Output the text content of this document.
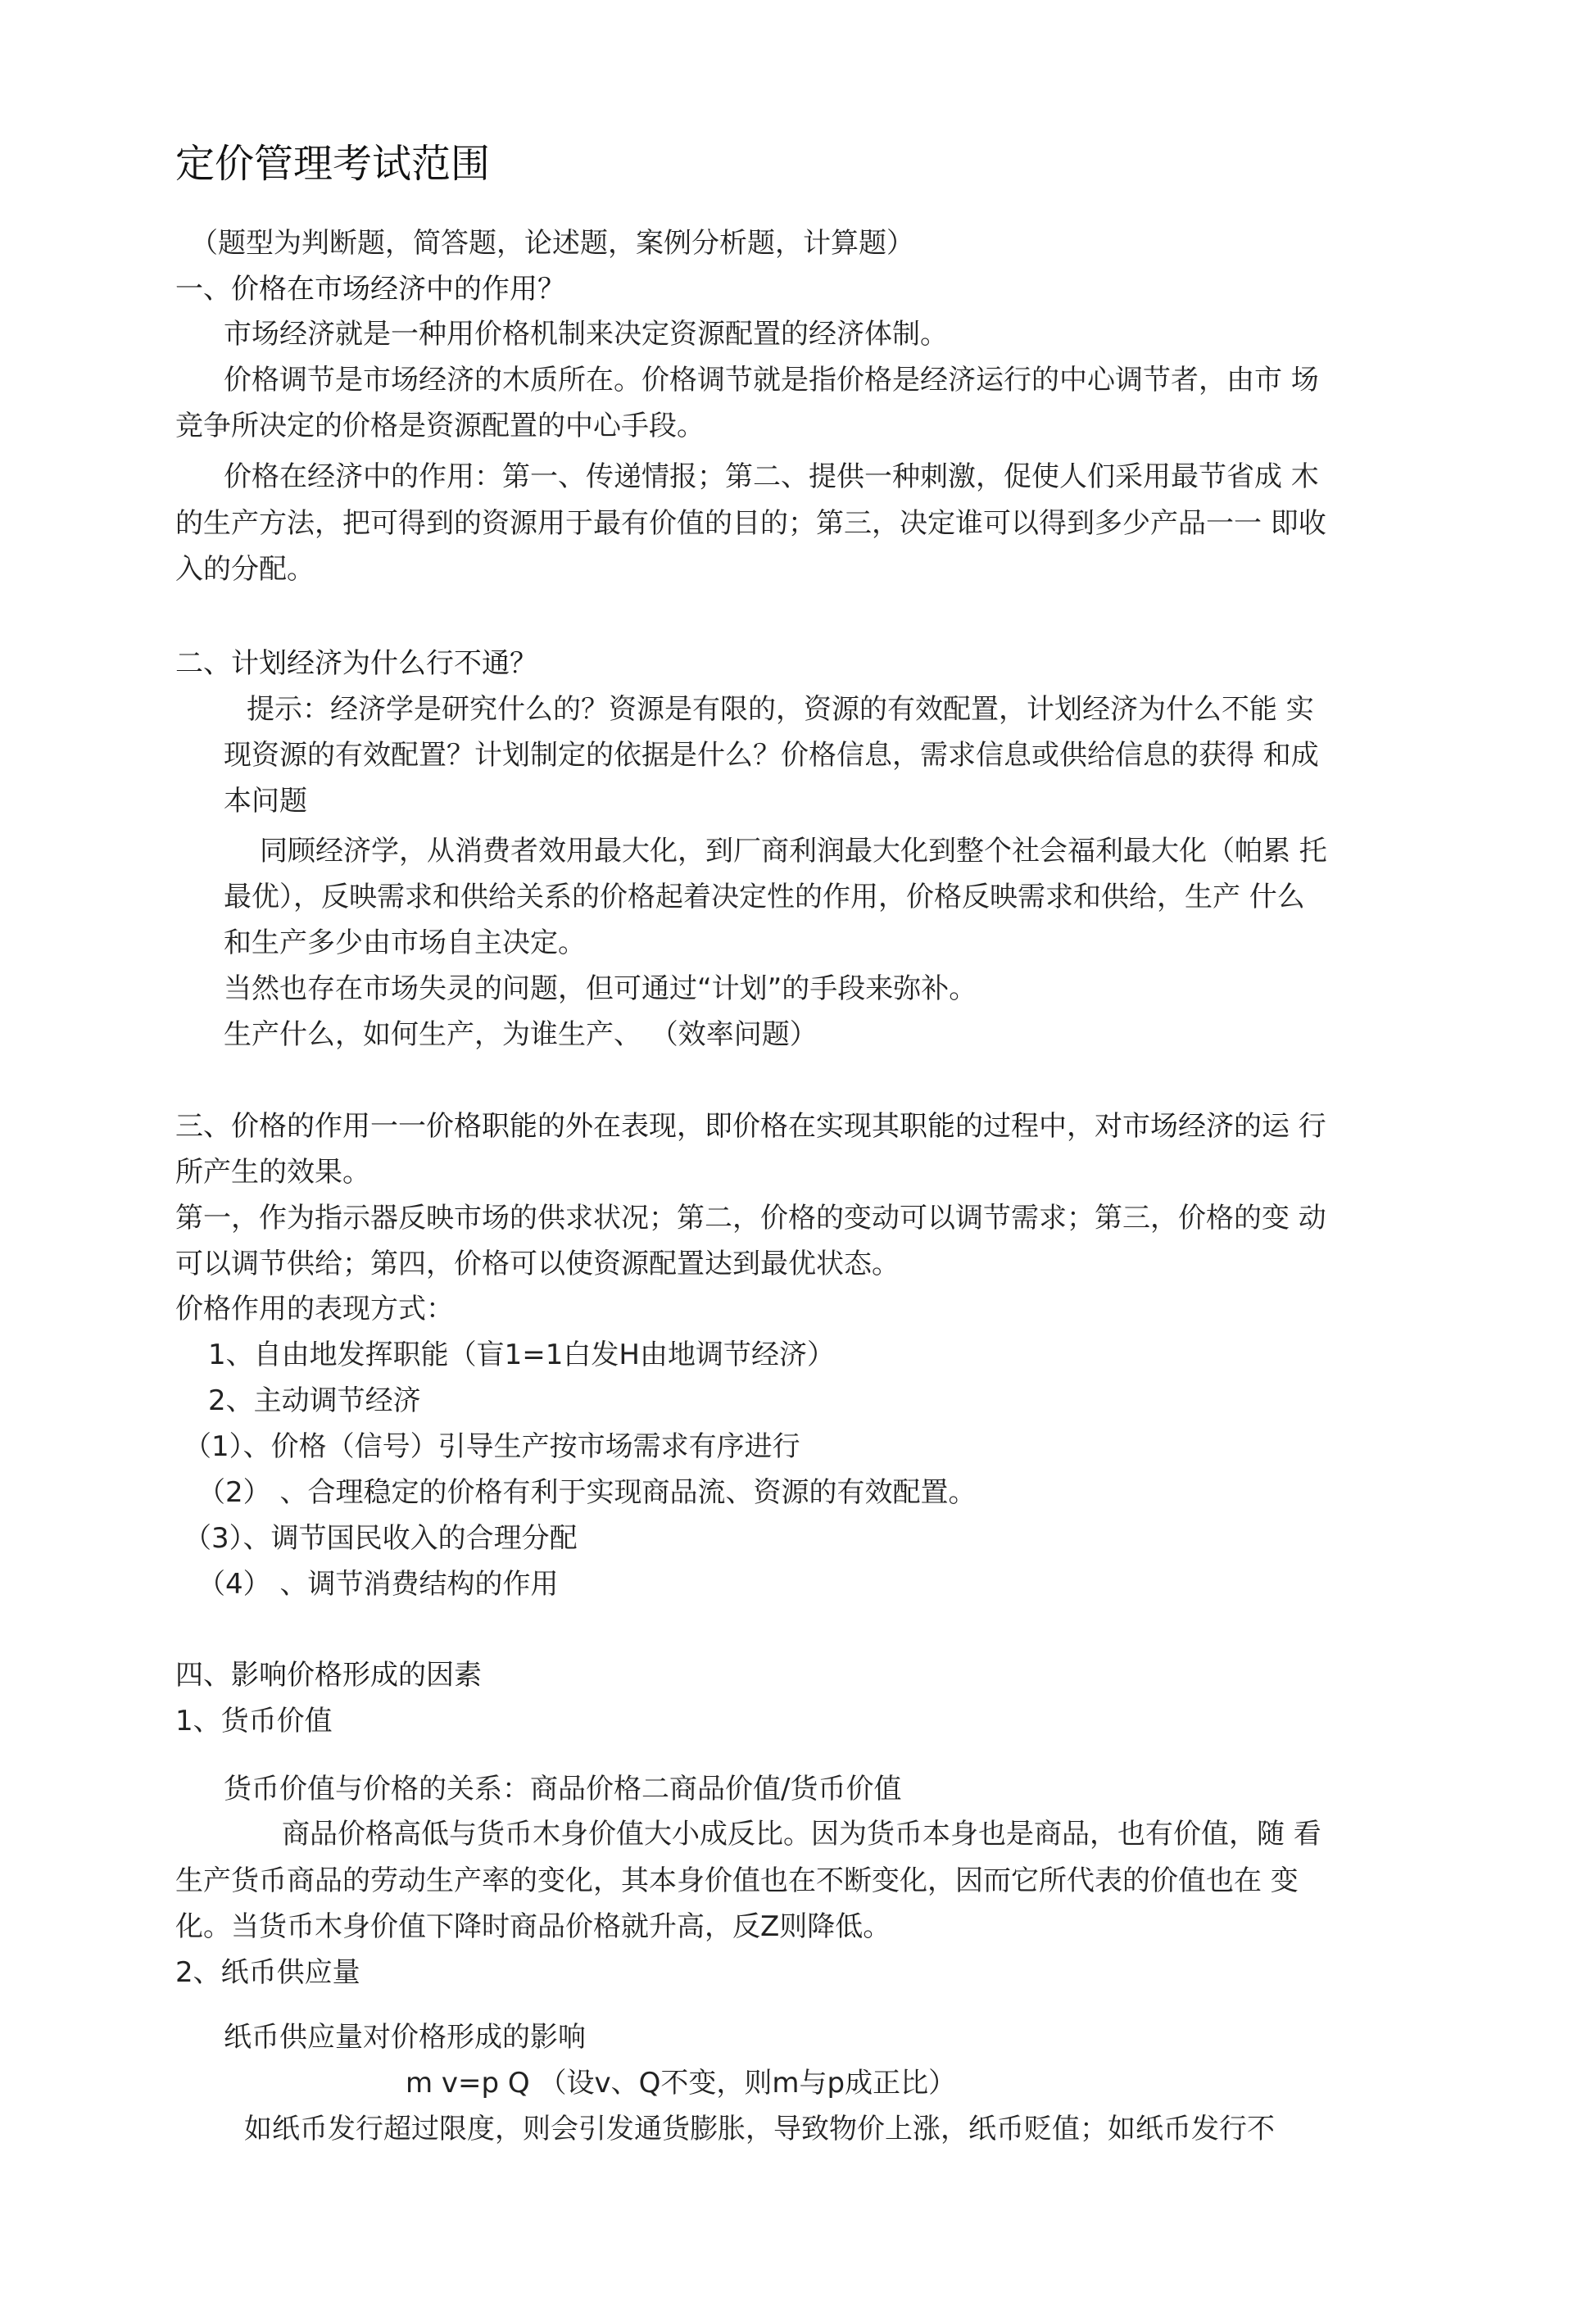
定价管理考试范围
（题型为判断题，简答题，论述题，案例分析题，计算题）
一、价格在市场经济中的作用？
市场经济就是一种用价格机制来决定资源配置的经济体制。
价格调节是市场经济的木质所在。价格调节就是指价格是经济运行的中心调节者，由市 场
竞争所决定的价格是资源配置的中心手段。
价格在经济中的作用：第一、传递情报；第二、提供一种刺激，促使人们采用最节省成 木
的生产方法，把可得到的资源用于最有价值的目的；第三，决定谁可以得到多少产品一一 即收
入的分配。
二、计划经济为什么行不通？
提示：经济学是研究什么的？资源是有限的，资源的有效配置，计划经济为什么不能 实
现资源的有效配置？计划制定的依据是什么？价格信息，需求信息或供给信息的获得 和成
本问题
同顾经济学，从消费者效用最大化，到厂商利润最大化到整个社会福利最大化（帕累 托
最优），反映需求和供给关系的价格起着决定性的作用，价格反映需求和供给，生产 什么
和生产多少由市场自主决定。
当然也存在市场失灵的问题，但可通过“计划”的手段来弥补。
生产什么，如何生产，为谁生产、 （效率问题）
三、价格的作用一一价格职能的外在表现，即价格在实现其职能的过程中，对市场经济的运 行
所产生的效果。
第一，作为指示器反映市场的供求状况；第二，价格的变动可以调节需求；第三，价格的变 动
可以调节供给；第四，价格可以使资源配置达到最优状态。
价格作用的表现方式：
1、自由地发挥职能（盲1=1白发H由地调节经济）
2、主动调节经济
（1）、价格（信号）引导生产按市场需求有序进行
（2） 、合理稳定的价格有利于实现商品流、资源的有效配置。
（3）、调节国民收入的合理分配
（4） 、调节消费结构的作用
四、影响价格形成的因素
1、货币价值
货币价值与价格的关系：商品价格二商品价值/货币价值
商品价格高低与货币木身价值大小成反比。因为货币本身也是商品，也有价值，随 看
生产货币商品的劳动生产率的变化，其本身价值也在不断变化，因而它所代表的价值也在 变
化。当货币木身价值下降时商品价格就升高，反Z则降低。
2、纸币供应量
纸币供应量对价格形成的影响
m v=p Q （设v、Q不变，则m与p成正比）
如纸币发行超过限度，则会引发通货膨胀，导致物价上涨，纸币贬值；如纸币发行不
